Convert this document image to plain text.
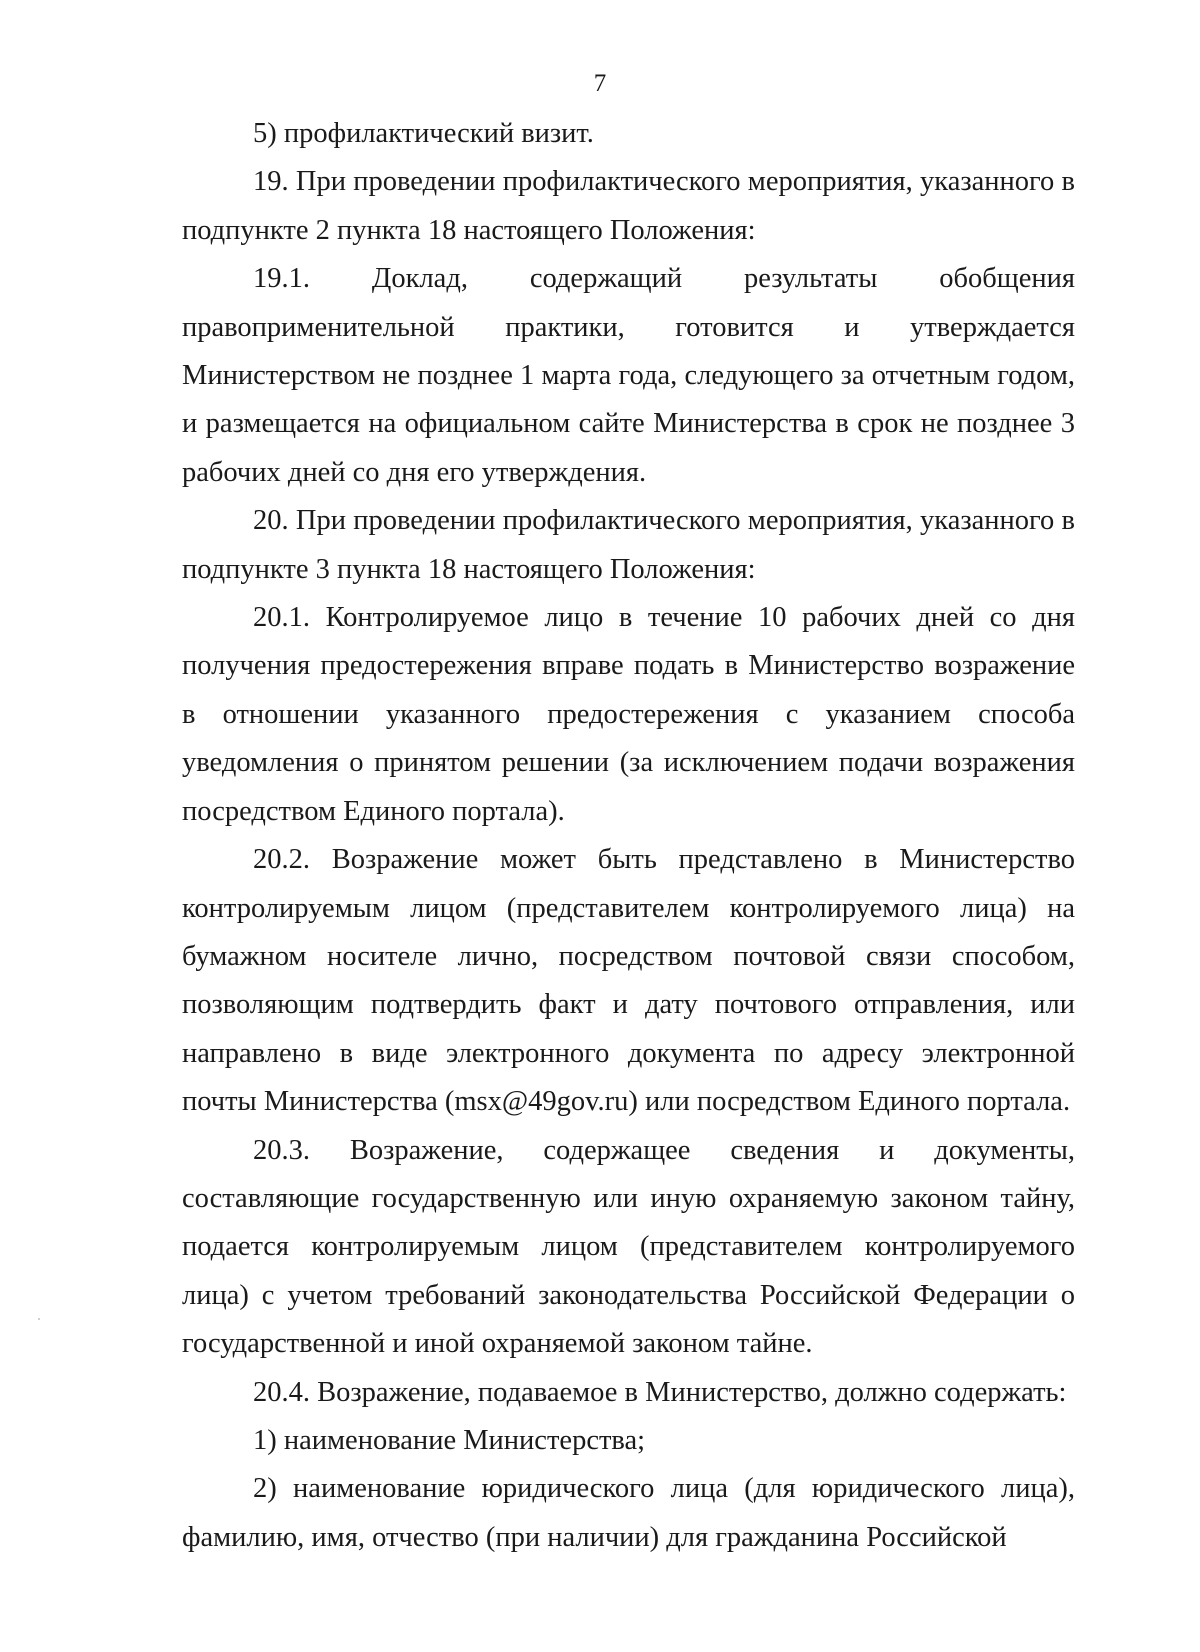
7

5) профилактический визит.

19. При проведении профилактического мероприятия, указанного в подпункте 2 пункта 18 настоящего Положения:

19.1. Доклад, содержащий результаты обобщения правоприменительной практики, готовится и утверждается Министерством не позднее 1 марта года, следующего за отчетным годом, и размещается на официальном сайте Министерства в срок не позднее 3 рабочих дней со дня его утверждения.

20. При проведении профилактического мероприятия, указанного в подпункте 3 пункта 18 настоящего Положения:

20.1. Контролируемое лицо в течение 10 рабочих дней со дня получения предостережения вправе подать в Министерство возражение в отношении указанного предостережения с указанием способа уведомления о принятом решении (за исключением подачи возражения посредством Единого портала).

20.2. Возражение может быть представлено в Министерство контролируемым лицом (представителем контролируемого лица) на бумажном носителе лично, посредством почтовой связи способом, позволяющим подтвердить факт и дату почтового отправления, или направлено в виде электронного документа по адресу электронной почты Министерства (msx@49gov.ru) или посредством Единого портала.

20.3. Возражение, содержащее сведения и документы, составляющие государственную или иную охраняемую законом тайну, подается контролируемым лицом (представителем контролируемого лица) с учетом требований законодательства Российской Федерации о государственной и иной охраняемой законом тайне.

20.4. Возражение, подаваемое в Министерство, должно содержать:

1) наименование Министерства;

2) наименование юридического лица (для юридического лица), фамилию, имя, отчество (при наличии) для гражданина Российской
